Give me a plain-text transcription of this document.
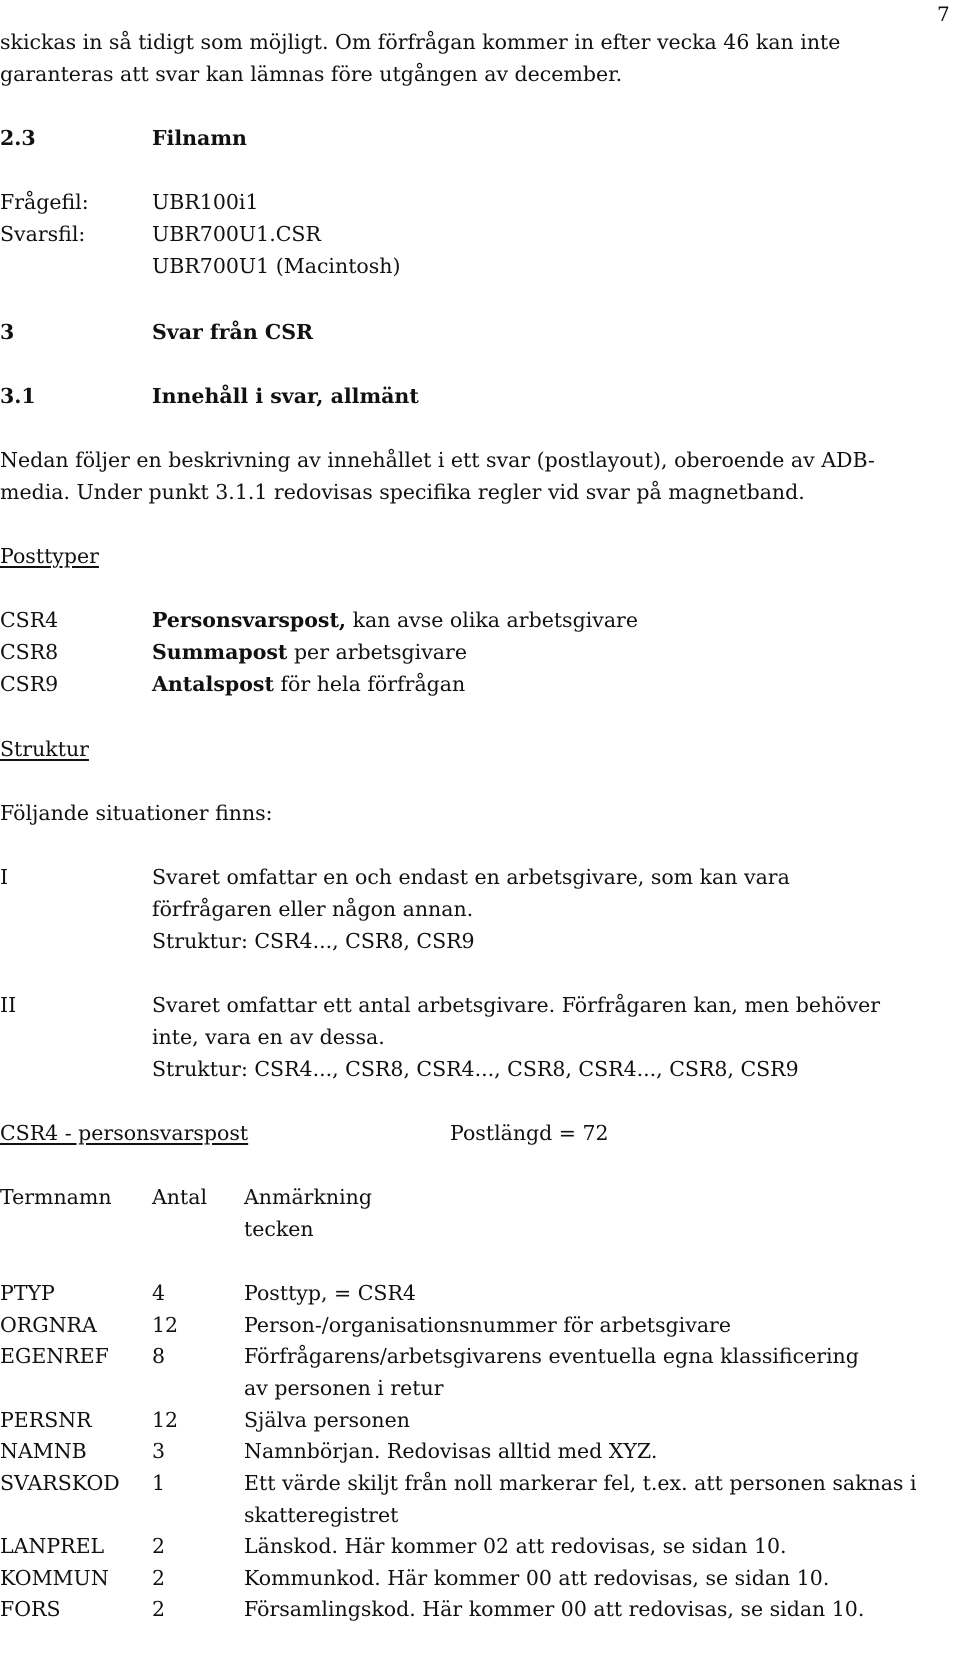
7
skickas in så tidigt som möjligt. Om förfrågan kommer in efter vecka 46 kan inte
garanteras att svar kan lämnas före utgången av december.
2.3	Filnamn
Frågefil:	UBR100i1
Svarsfil:	UBR700U1.CSR
UBR700U1 (Macintosh)
3	Svar från CSR
3.1	Innehåll i svar, allmänt
Nedan följer en beskrivning av innehållet i ett svar (postlayout), oberoende av ADB-
media. Under punkt 3.1.1 redovisas specifika regler vid svar på magnetband.
Posttyper
CSR4	Personsvarspost, kan avse olika arbetsgivare
CSR8	Summapost per arbetsgivare
CSR9	Antalspost för hela förfrågan
Struktur
Följande situationer finns:
I	Svaret omfattar en och endast en arbetsgivare, som kan vara
förfrågaren eller någon annan.
Struktur: CSR4..., CSR8, CSR9
II	Svaret omfattar ett antal arbetsgivare. Förfrågaren kan, men behöver
inte, vara en av dessa.
Struktur: CSR4..., CSR8, CSR4..., CSR8, CSR4..., CSR8, CSR9
CSR4 - personsvarspost	Postlängd = 72
Termnamn Antal Anmärkning
tecken
PTYP	4	Posttyp, = CSR4
ORGNRA	12	Person-/organisationsnummer för arbetsgivare
EGENREF 8	Förfrågarens/arbetsgivarens eventuella egna klassificering
av personen i retur
PERSNR	12	Själva personen
NAMNB	3	Namnbörjan. Redovisas alltid med XYZ.
SVARSKOD 1	Ett värde skiljt från noll markerar fel, t.ex. att personen saknas i
skatteregistret
LANPREL 2	Länskod. Här kommer 02 att redovisas, se sidan 10.
KOMMUN 2	Kommunkod. Här kommer 00 att redovisas, se sidan 10.
FORS	2	Församlingskod. Här kommer 00 att redovisas, se sidan 10.
